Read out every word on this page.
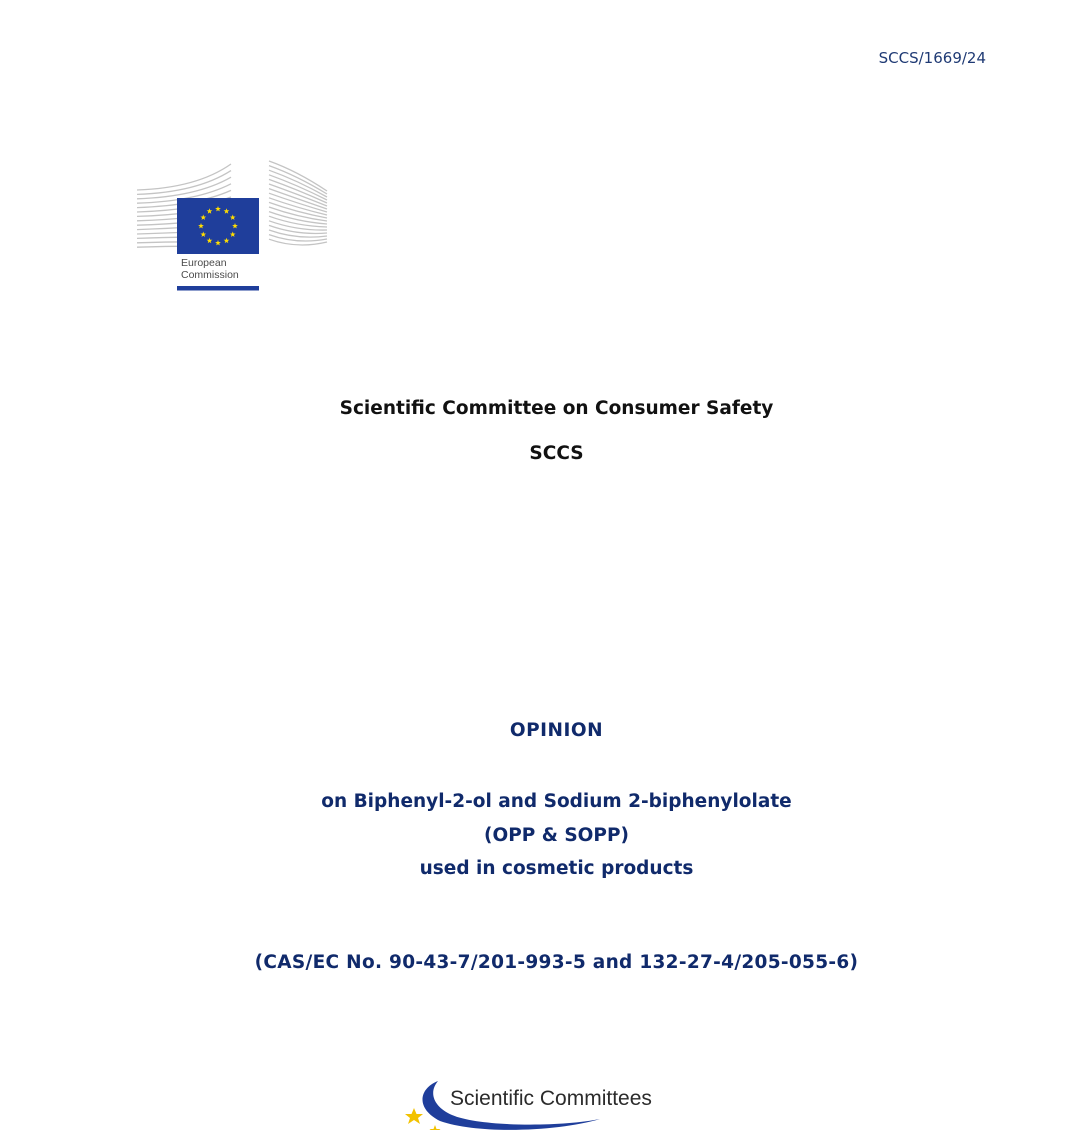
SCCS/1669/24
European
Commission
Scientific Committee on Consumer Safety
SCCS
OPINION
on Biphenyl-2-ol and Sodium 2-biphenylolate
(OPP & SOPP)
used in cosmetic products
(CAS/EC No. 90-43-7/201-993-5 and 132-27-4/205-055-6)
Scientific Committees
